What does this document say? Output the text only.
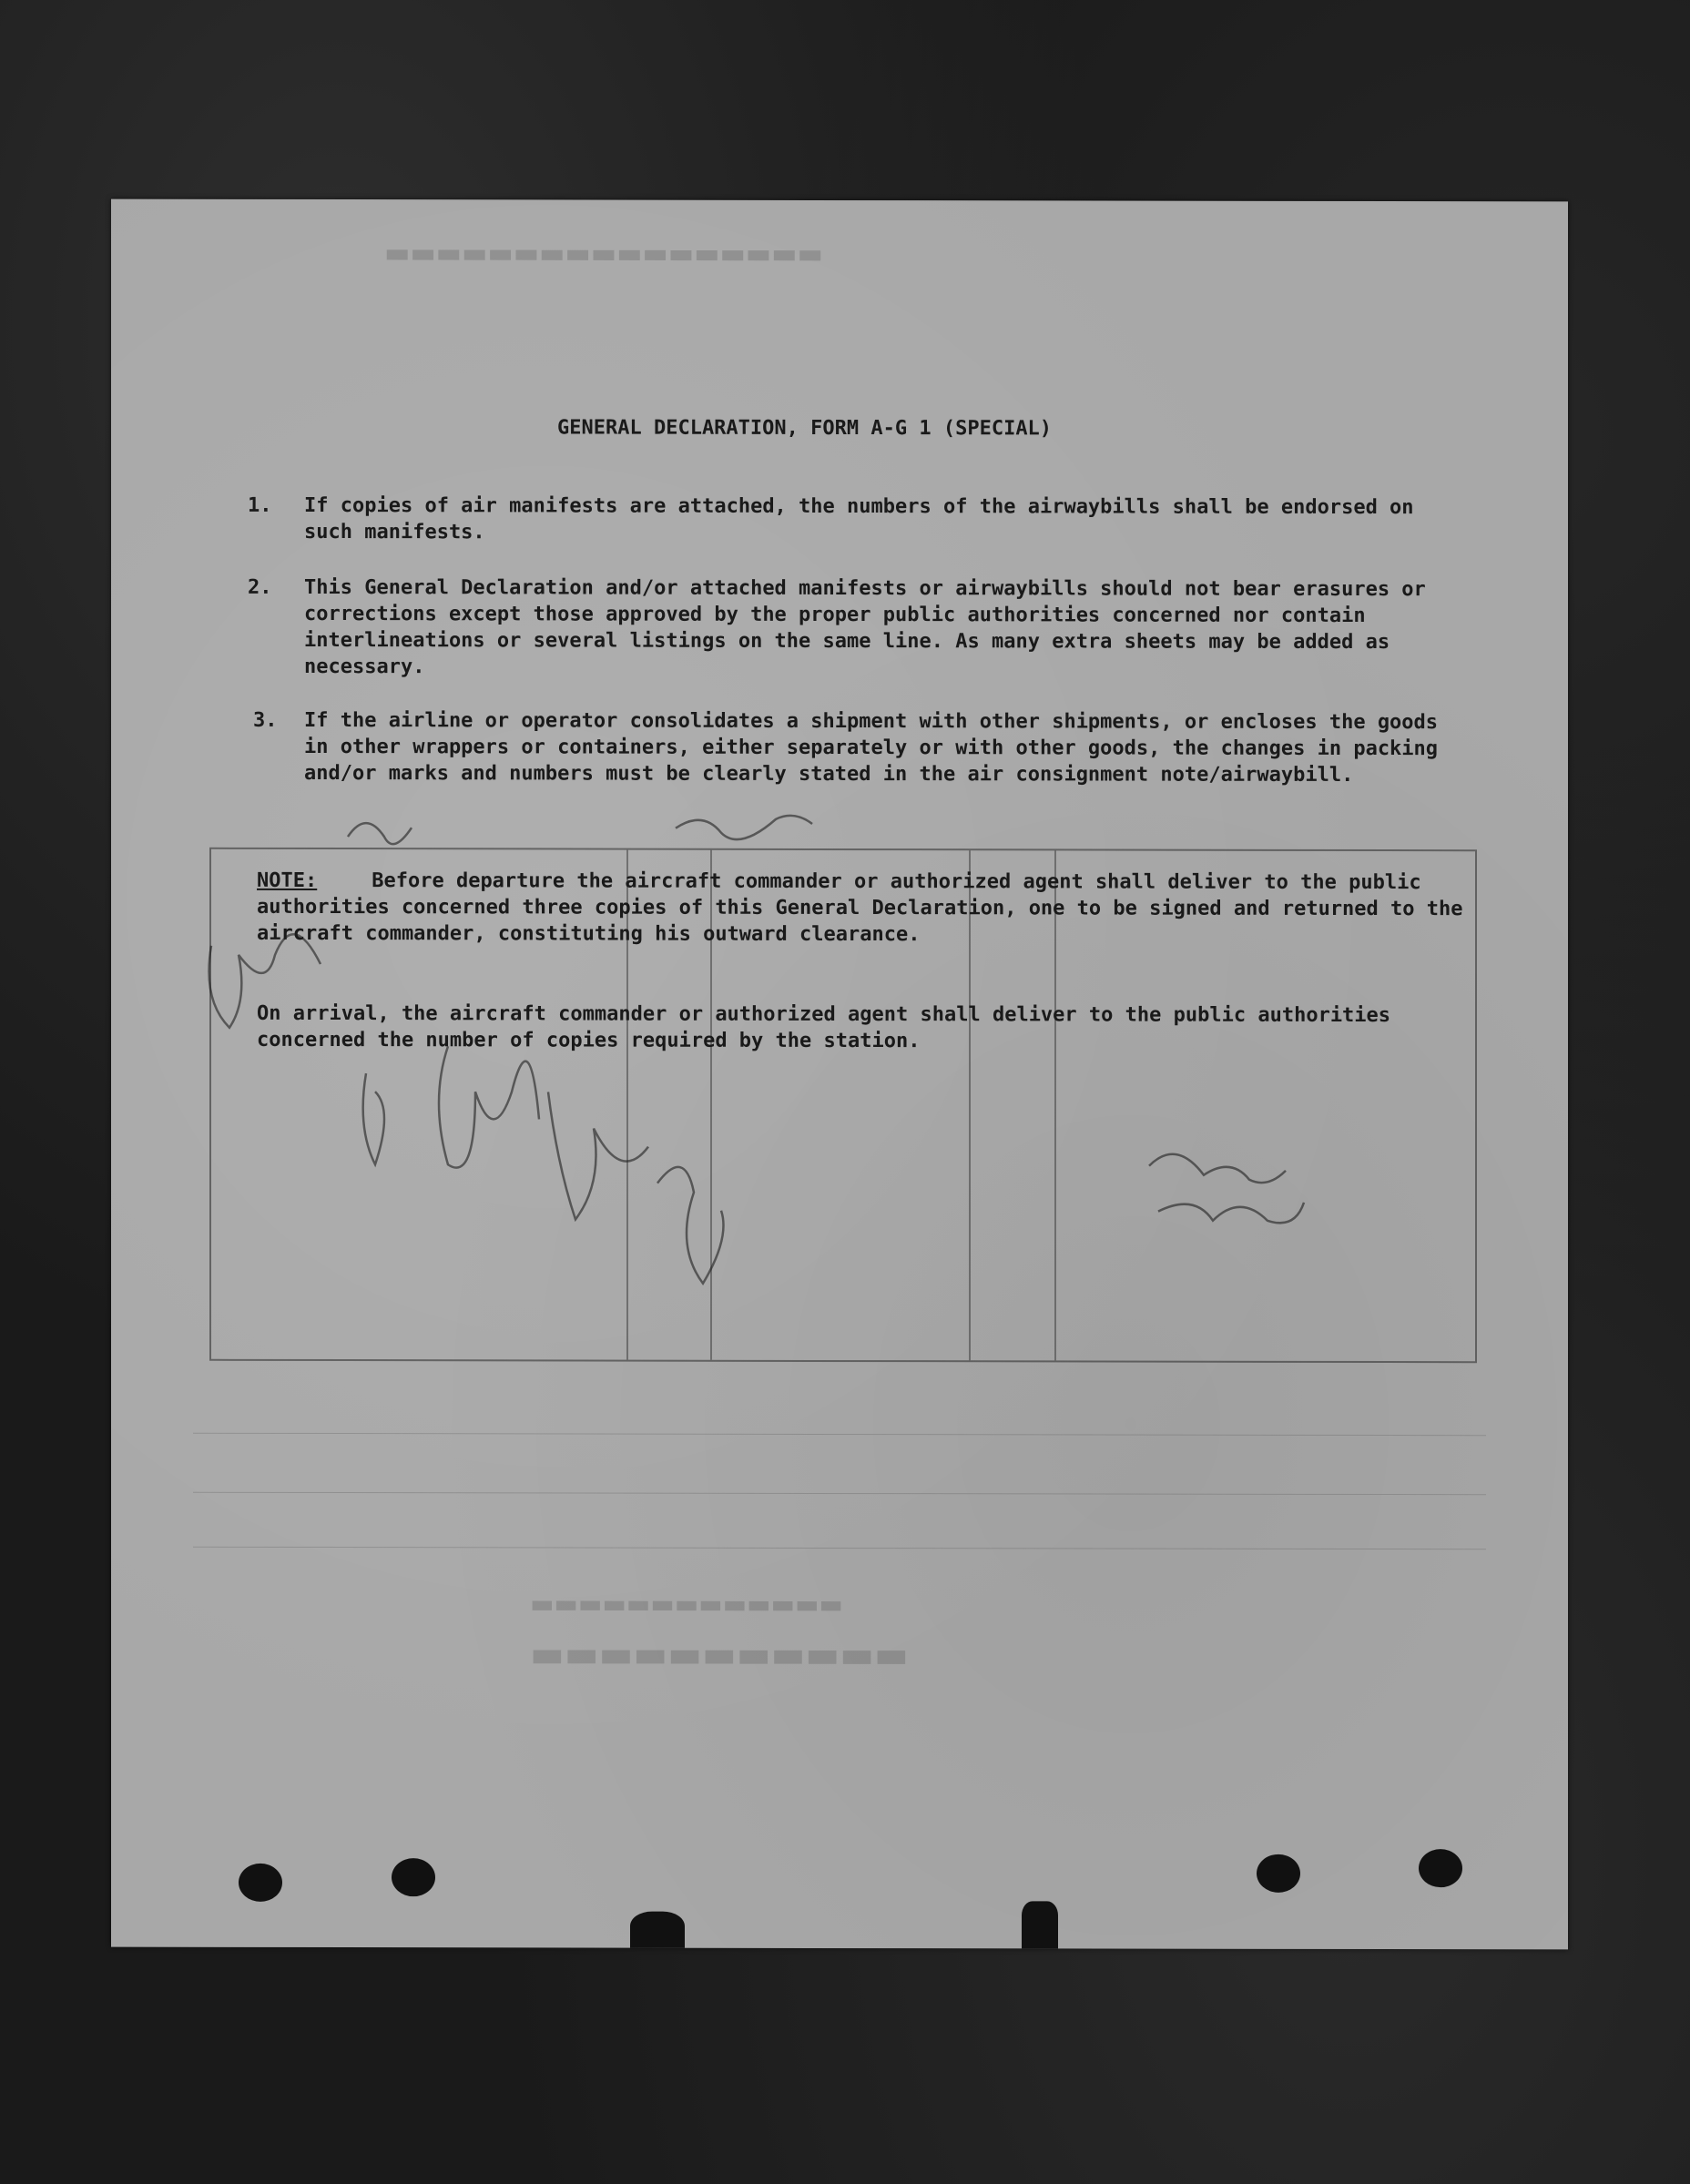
▬▬▬▬▬▬▬▬▬▬▬▬▬▬▬▬▬
▬▬▬▬▬▬▬▬▬▬▬
▬▬▬▬▬▬▬▬▬▬▬▬▬
GENERAL DECLARATION, FORM A-G 1 (SPECIAL)
1. If copies of air manifests are attached, the numbers of the airwaybills shall be endorsed on such manifests.
2. This General Declaration and/or attached manifests or airwaybills should not bear erasures or corrections except those approved by the proper public authorities concerned nor contain interlineations or several listings on the same line. As many extra sheets may be added as necessary.
3. If the airline or operator consolidates a shipment with other shipments, or encloses the goods in other wrappers or containers, either separately or with other goods, the changes in packing and/or marks and numbers must be clearly stated in the air consignment note/airwaybill.
NOTE:	Before departure the aircraft commander or authorized agent shall deliver to the public authorities concerned three copies of this General Declaration, one to be signed and returned to the aircraft commander, constituting his outward clearance.
On arrival, the aircraft commander or authorized agent shall deliver to the public authorities concerned the number of copies required by the station.
